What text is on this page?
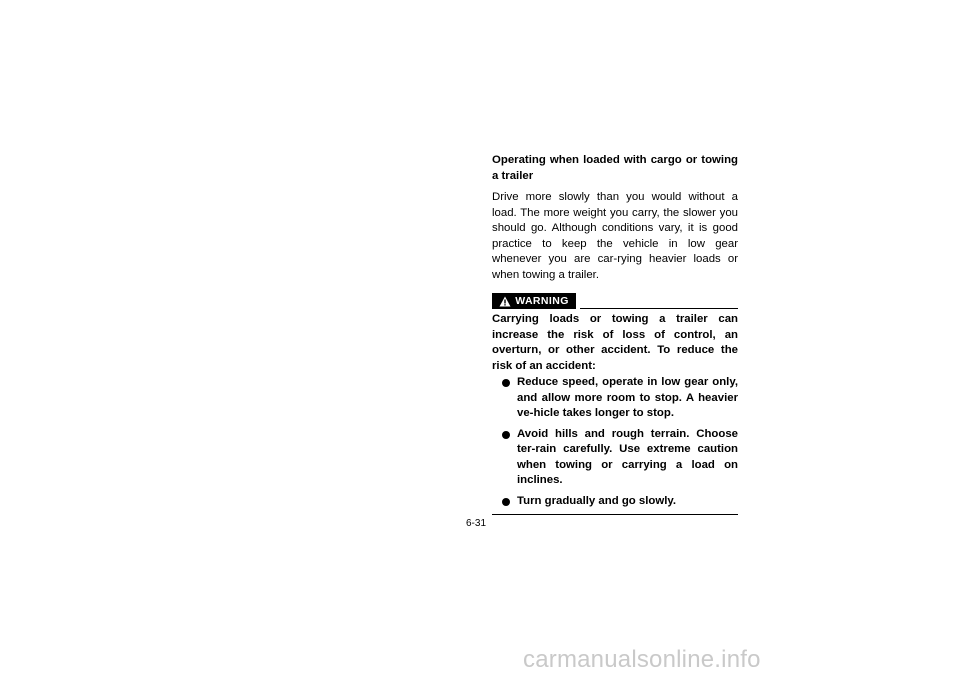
Operating when loaded with cargo or towing a trailer

Drive more slowly than you would without a load. The more weight you carry, the slower you should go. Although conditions vary, it is good practice to keep the vehicle in low gear whenever you are car-rying heavier loads or when towing a trailer.

WARNING

Carrying loads or towing a trailer can increase the risk of loss of control, an overturn, or other accident. To reduce the risk of an accident:

Reduce speed, operate in low gear only, and allow more room to stop. A heavier ve-hicle takes longer to stop.
Avoid hills and rough terrain. Choose ter-rain carefully. Use extreme caution when towing or carrying a load on inclines.
Turn gradually and go slowly.
6-31
carmanualsonline.info
